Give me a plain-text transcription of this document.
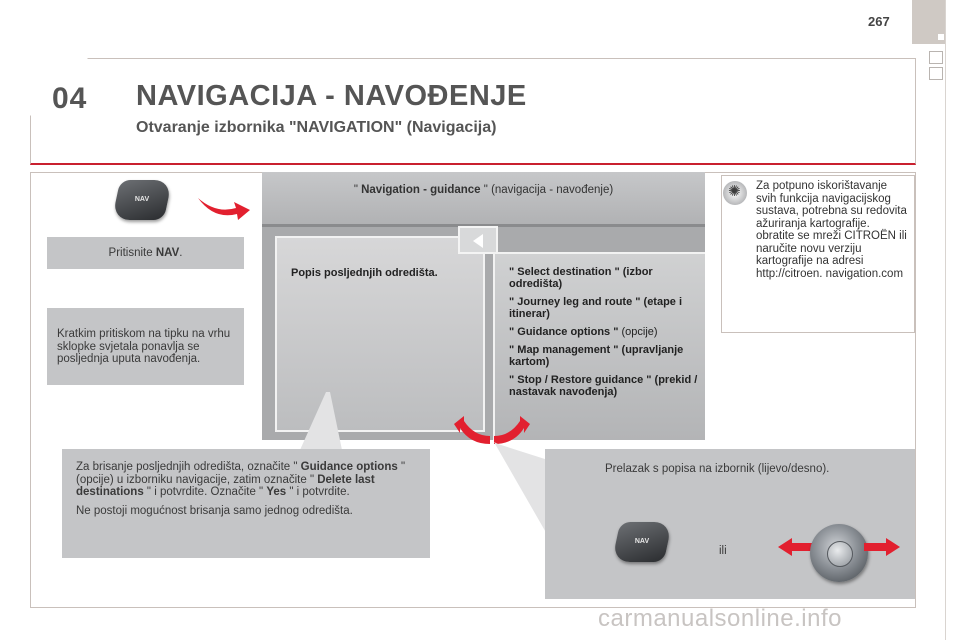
267
04 NAVIGACIJA - NAVOĐENJE
Otvaranje izbornika "NAVIGATION" (Navigacija)
NAV
Pritisnite NAV.
Kratkim pritiskom na tipku na vrhu sklopke svjetala ponavlja se posljednja uputa navođenja.
" Navigation - guidance " (navigacija - navođenje)
Popis posljednjih odredišta.	" Select destination " (izbor odredišta)
" Journey leg and route " (etape i itinerar)
" Guidance options " (opcije)
" Map management " (upravljanje kartom)
" Stop / Restore guidance " (prekid / nastavak navođenja)
✺
Za potpuno iskorištavanje svih funkcija navigacijskog sustava, potrebna su redovita ažuriranja kartografije. obratite se mreži CITROËN ili naručite novu verziju kartografije na adresi http://citroen. navigation.com

Za brisanje posljednjih odredišta, označite " Guidance options " (opcije) u izborniku navigacije, zatim označite " Delete last destinations " i potvrdite. Označite " Yes " i potvrdite.

Ne postoji mogućnost brisanja samo jednog odredišta.

Prelazak s popisa na izbornik (lijevo/desno).
ili
NAV
carmanualsonline.info
